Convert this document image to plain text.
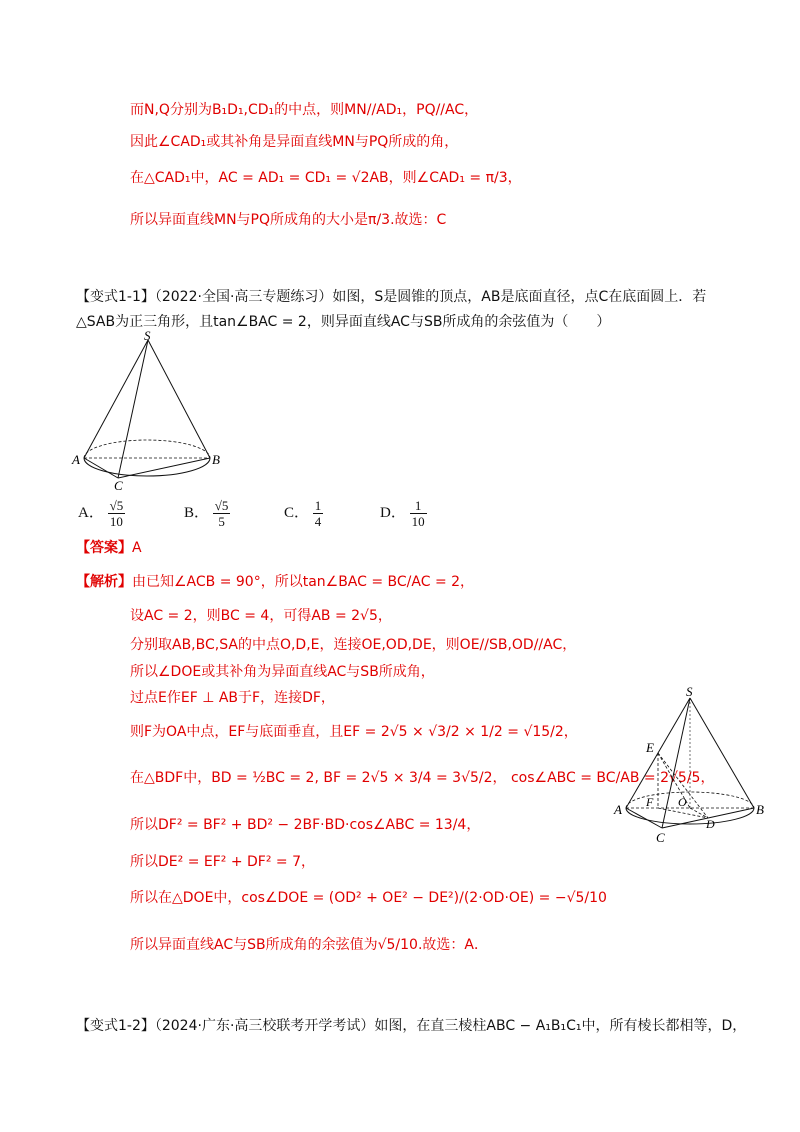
而N,Q分别为B₁D₁,CD₁的中点，则MN//AD₁，PQ//AC，
因此∠CAD₁或其补角是异面直线MN与PQ所成的角，
在△CAD₁中，AC = AD₁ = CD₁ = √2AB，则∠CAD₁ = π/3，
所以异面直线MN与PQ所成角的大小是π/3.故选：C
【变式1-1】（2022·全国·高三专题练习）如图，S是圆锥的顶点，AB是底面直径，点C在底面圆上．若
△SAB为正三角形，且tan∠BAC = 2，则异面直线AC与SB所成角的余弦值为（　　）
S
A	B
C
A． $\frac{√5}{10}$	B． $\frac{√5}{5}$	C． $\frac{1}{4}$	D． $\frac{1}{10}$
【答案】A
【解析】由已知∠ACB = 90°，所以tan∠BAC = BC/AC = 2，
设AC = 2，则BC = 4，可得AB = 2√5，
分别取AB,BC,SA的中点O,D,E，连接OE,OD,DE，则OE//SB,OD//AC，
所以∠DOE或其补角为异面直线AC与SB所成角，
过点E作EF ⊥ AB于F，连接DF，
则F为OA中点，EF与底面垂直，且EF = 2√5 × √3/2 × 1/2 = √15/2，
在△BDF中，BD = ½BC = 2, BF = 2√5 × 3/4 = 3√5/2， cos∠ABC = BC/AB = 2√5/5，
所以DF² = BF² + BD² − 2BF·BD·cos∠ABC = 13/4，
所以DE² = EF² + DF² = 7，
所以在△DOE中，cos∠DOE = (OD² + OE² − DE²)/(2·OD·OE) = −√5/10
所以异面直线AC与SB所成角的余弦值为√5/10.故选：A．
S
E
A F O	B
C
D
【变式1-2】（2024·广东·高三校联考开学考试）如图，在直三棱柱ABC − A₁B₁C₁中，所有棱长都相等，D，
